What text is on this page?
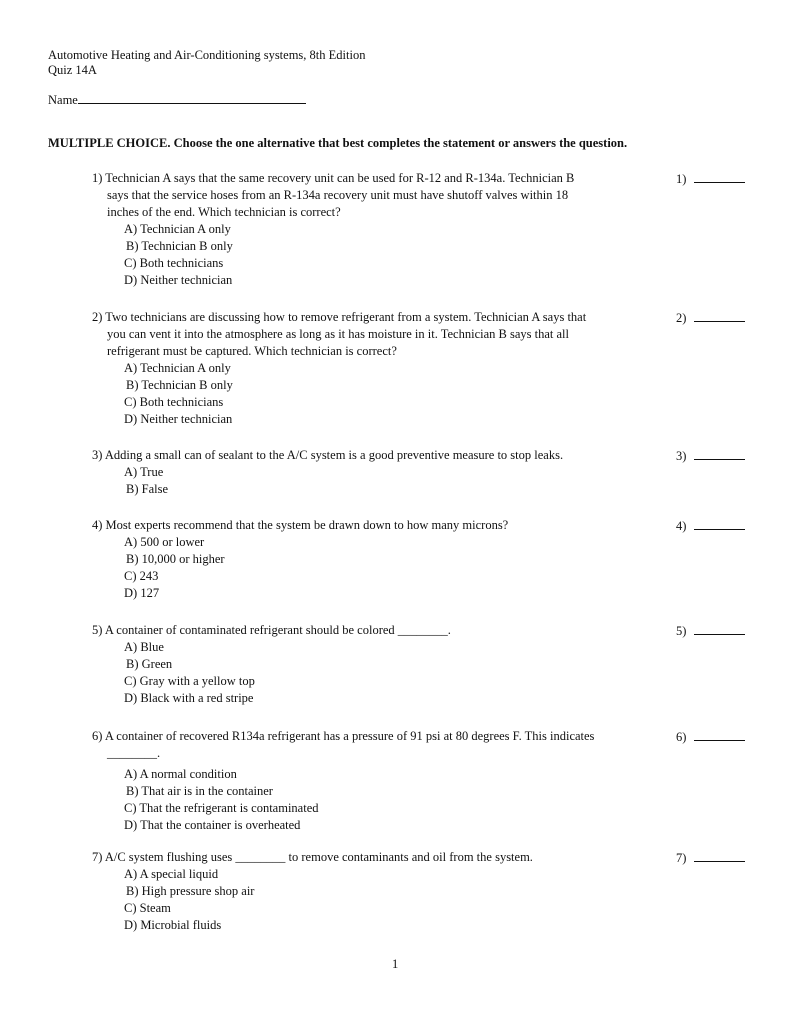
Automotive Heating and Air-Conditioning systems, 8th Edition
Quiz 14A
Name
MULTIPLE CHOICE. Choose the one alternative that best completes the statement or answers the question.
1) Technician A says that the same recovery unit can be used for R-12 and R-134a. Technician B
says that the service hoses from an R-134a recovery unit must have shutoff valves within 18
inches of the end. Which technician is correct?
A) Technician A only
B) Technician B only
C) Both technicians
D) Neither technician
1)
2) Two technicians are discussing how to remove refrigerant from a system. Technician A says that
you can vent it into the atmosphere as long as it has moisture in it. Technician B says that all
refrigerant must be captured. Which technician is correct?
A) Technician A only
B) Technician B only
C) Both technicians
D) Neither technician
2)
3) Adding a small can of sealant to the A/C system is a good preventive measure to stop leaks.
A) True
B) False
3)
4) Most experts recommend that the system be drawn down to how many microns?
A) 500 or lower
B) 10,000 or higher
C) 243
D) 127
4)
5) A container of contaminated refrigerant should be colored ________.
A) Blue
B) Green
C) Gray with a yellow top
D) Black with a red stripe
5)
6) A container of recovered R134a refrigerant has a pressure of 91 psi at 80 degrees F. This indicates
________.
A) A normal condition
B) That air is in the container
C) That the refrigerant is contaminated
D) That the container is overheated
6)
7) A/C system flushing uses ________ to remove contaminants and oil from the system.
A) A special liquid
B) High pressure shop air
C) Steam
D) Microbial fluids
7)
1
